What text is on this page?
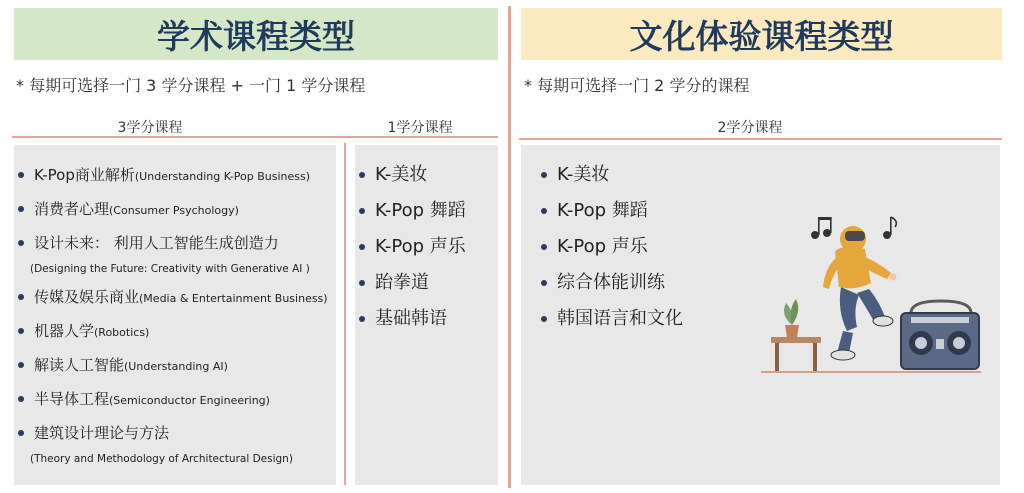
学术课程类型
* 每期可选择一门 3 学分课程 + 一门 1 学分课程
3学分课程	1学分课程
K-Pop商业解析(Understanding K-Pop Business)
消费者心理(Consumer Psychology)
设计未来： 利用人工智能生成创造力
(Designing the Future: Creativity with Generative AI )
传媒及娱乐商业(Media & Entertainment Business)
机器人学(Robotics)
解读人工智能(Understanding AI)
半导体工程(Semiconductor Engineering)
建筑设计理论与方法
(Theory and Methodology of Architectural Design)
K-美妆
K-Pop 舞蹈
K-Pop 声乐
跆拳道
基础韩语
文化体验课程类型
* 每期可选择一门 2 学分的课程
2学分课程
K-美妆
K-Pop 舞蹈
K-Pop 声乐
综合体能训练
韩国语言和文化
